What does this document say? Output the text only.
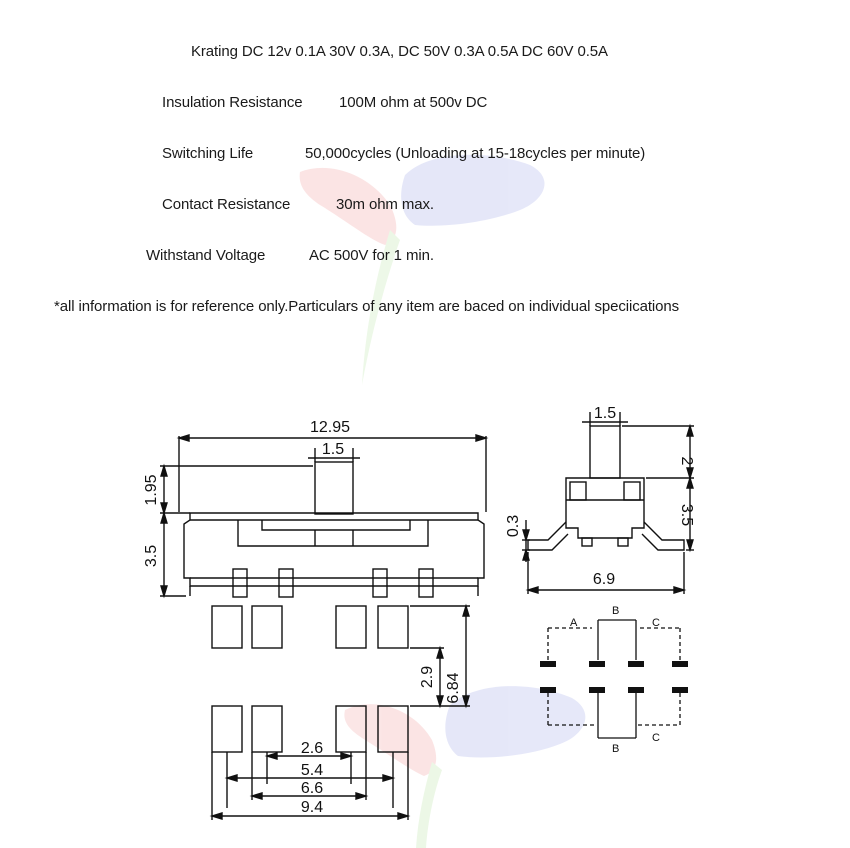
Krating DC 12v 0.1A 30V 0.3A, DC 50V 0.3A 0.5A DC 60V 0.5A
Insulation Resistance 100M ohm at 500v DC
Switching Life	50,000cycles (Unloading at 15-18cycles per minute)
Contact Resistance	30m ohm max.
Withstand Voltage	AC 500V for 1 min.
*all information is for reference only.Particulars of any item are baced on individual speciications
12.95
1.5
1.95
3.5
1.5
2
3.5
0.3
6.9
2.9 6.84
2.6
5.4
6.6
9.4
A
B
C
B
C
